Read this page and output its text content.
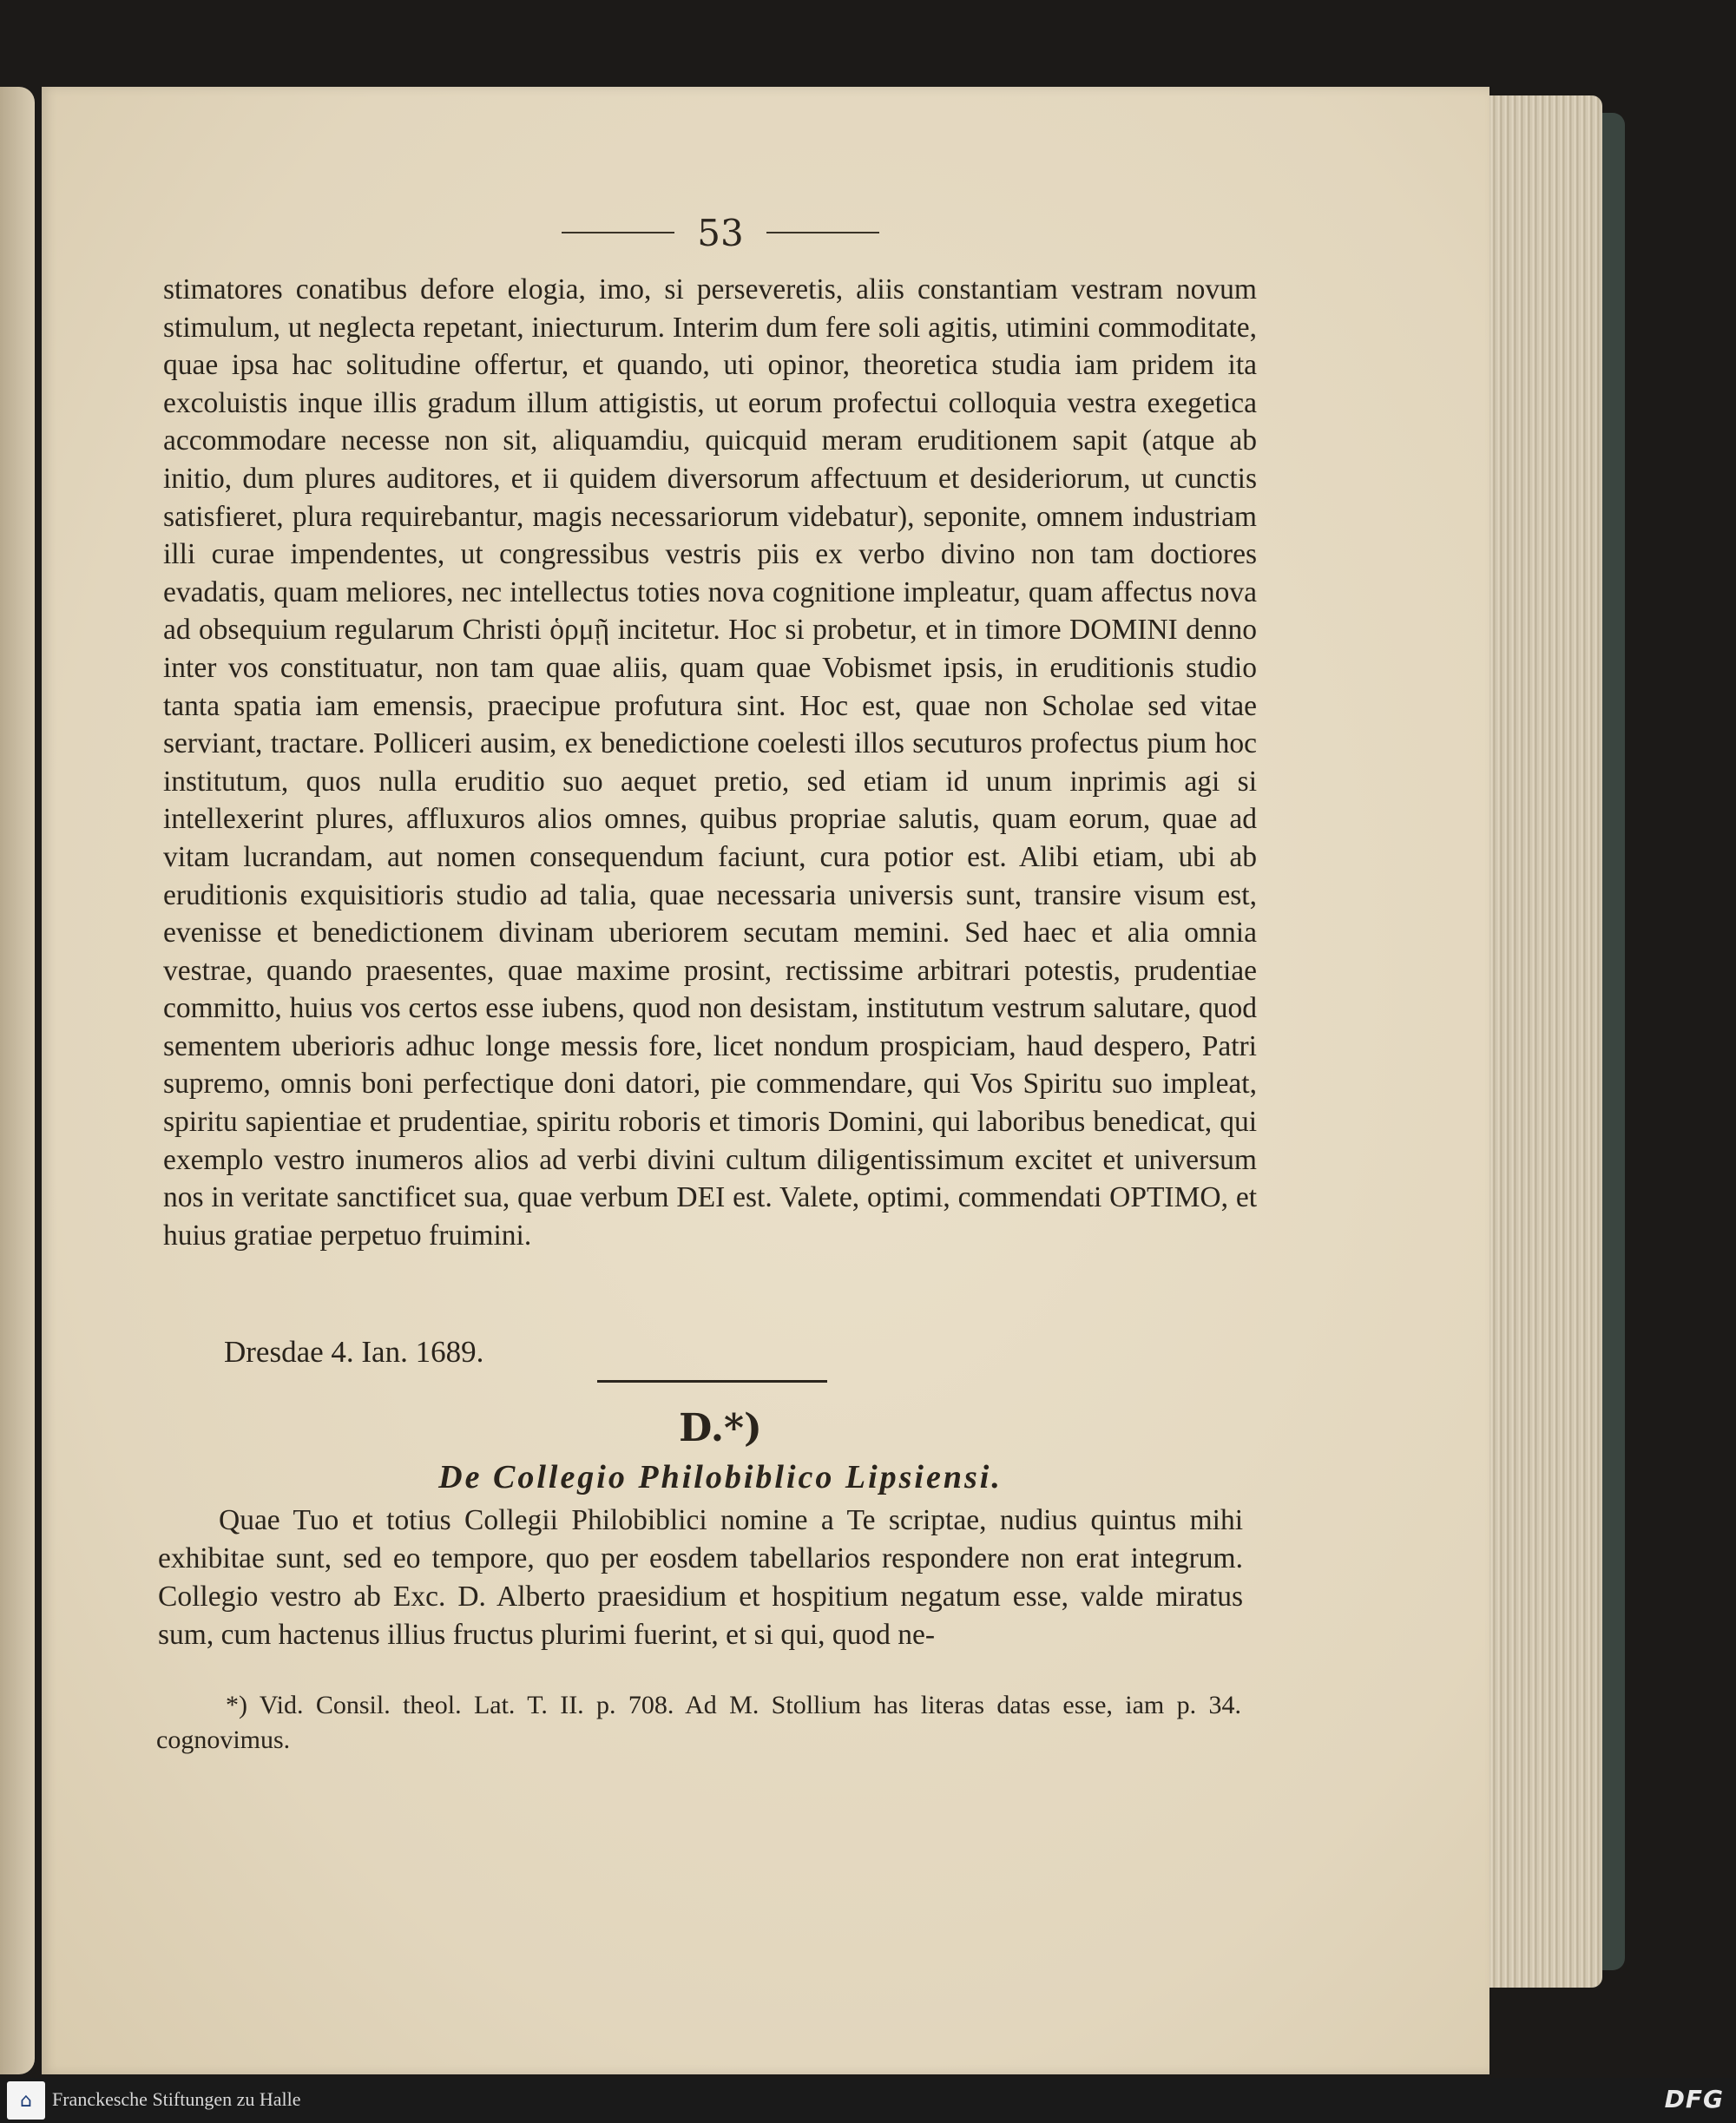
53

stimatores conatibus defore elogia, imo, si perseveretis, aliis constantiam vestram novum stimulum, ut neglecta repetant, iniecturum. Interim dum fere soli agitis, utimini commoditate, quae ipsa hac solitudine offertur, et quando, uti opinor, theoretica studia iam pridem ita excoluistis inque illis gradum illum attigistis, ut eorum profectui colloquia vestra exegetica accommodare necesse non sit, aliquamdiu, quicquid meram eruditionem sapit (atque ab initio, dum plures auditores, et ii quidem diversorum affectuum et desideriorum, ut cunctis satisfieret, plura requirebantur, magis necessariorum videbatur), seponite, omnem industriam illi curae impendentes, ut congressibus vestris piis ex verbo divino non tam doctiores evadatis, quam meliores, nec intellectus toties nova cognitione impleatur, quam affectus nova ad obsequium regularum Christi ὁρμῇ incitetur. Hoc si probetur, et in timore DOMINI denno inter vos constituatur, non tam quae aliis, quam quae Vobismet ipsis, in eruditionis studio tanta spatia iam emensis, praecipue profutura sint. Hoc est, quae non Scholae sed vitae serviant, tractare. Polliceri ausim, ex benedictione coelesti illos secuturos profectus pium hoc institutum, quos nulla eruditio suo aequet pretio, sed etiam id unum inprimis agi si intellexerint plures, affluxuros alios omnes, quibus propriae salutis, quam eorum, quae ad vitam lucrandam, aut nomen consequendum faciunt, cura potior est. Alibi etiam, ubi ab eruditionis exquisitioris studio ad talia, quae necessaria universis sunt, transire visum est, evenisse et benedictionem divinam uberiorem secutam memini. Sed haec et alia omnia vestrae, quando praesentes, quae maxime prosint, rectissime arbitrari potestis, prudentiae committo, huius vos certos esse iubens, quod non desistam, institutum vestrum salutare, quod sementem uberioris adhuc longe messis fore, licet nondum prospiciam, haud despero, Patri supremo, omnis boni perfectique doni datori, pie commendare, qui Vos Spiritu suo impleat, spiritu sapientiae et prudentiae, spiritu roboris et timoris Domini, qui laboribus benedicat, qui exemplo vestro inumeros alios ad verbi divini cultum diligentissimum excitet et universum nos in veritate sanctificet sua, quae verbum DEI est. Valete, optimi, commendati OPTIMO, et huius gratiae perpetuo fruimini.

Dresdae 4. Ian. 1689.
D.*)
De Collegio Philobiblico Lipsiensi.

Quae Tuo et totius Collegii Philobiblici nomine a Te scriptae, nudius quintus mihi exhibitae sunt, sed eo tempore, quo per eosdem tabellarios respondere non erat integrum. Collegio vestro ab Exc. D. Alberto praesidium et hospitium negatum esse, valde miratus sum, cum hactenus illius fructus plurimi fuerint, et si qui, quod ne-

*) Vid. Consil. theol. Lat. T. II. p. 708. Ad M. Stollium has literas datas esse, iam p. 34. cognovimus.
⌂	Franckesche Stiftungen zu Halle	DFG
